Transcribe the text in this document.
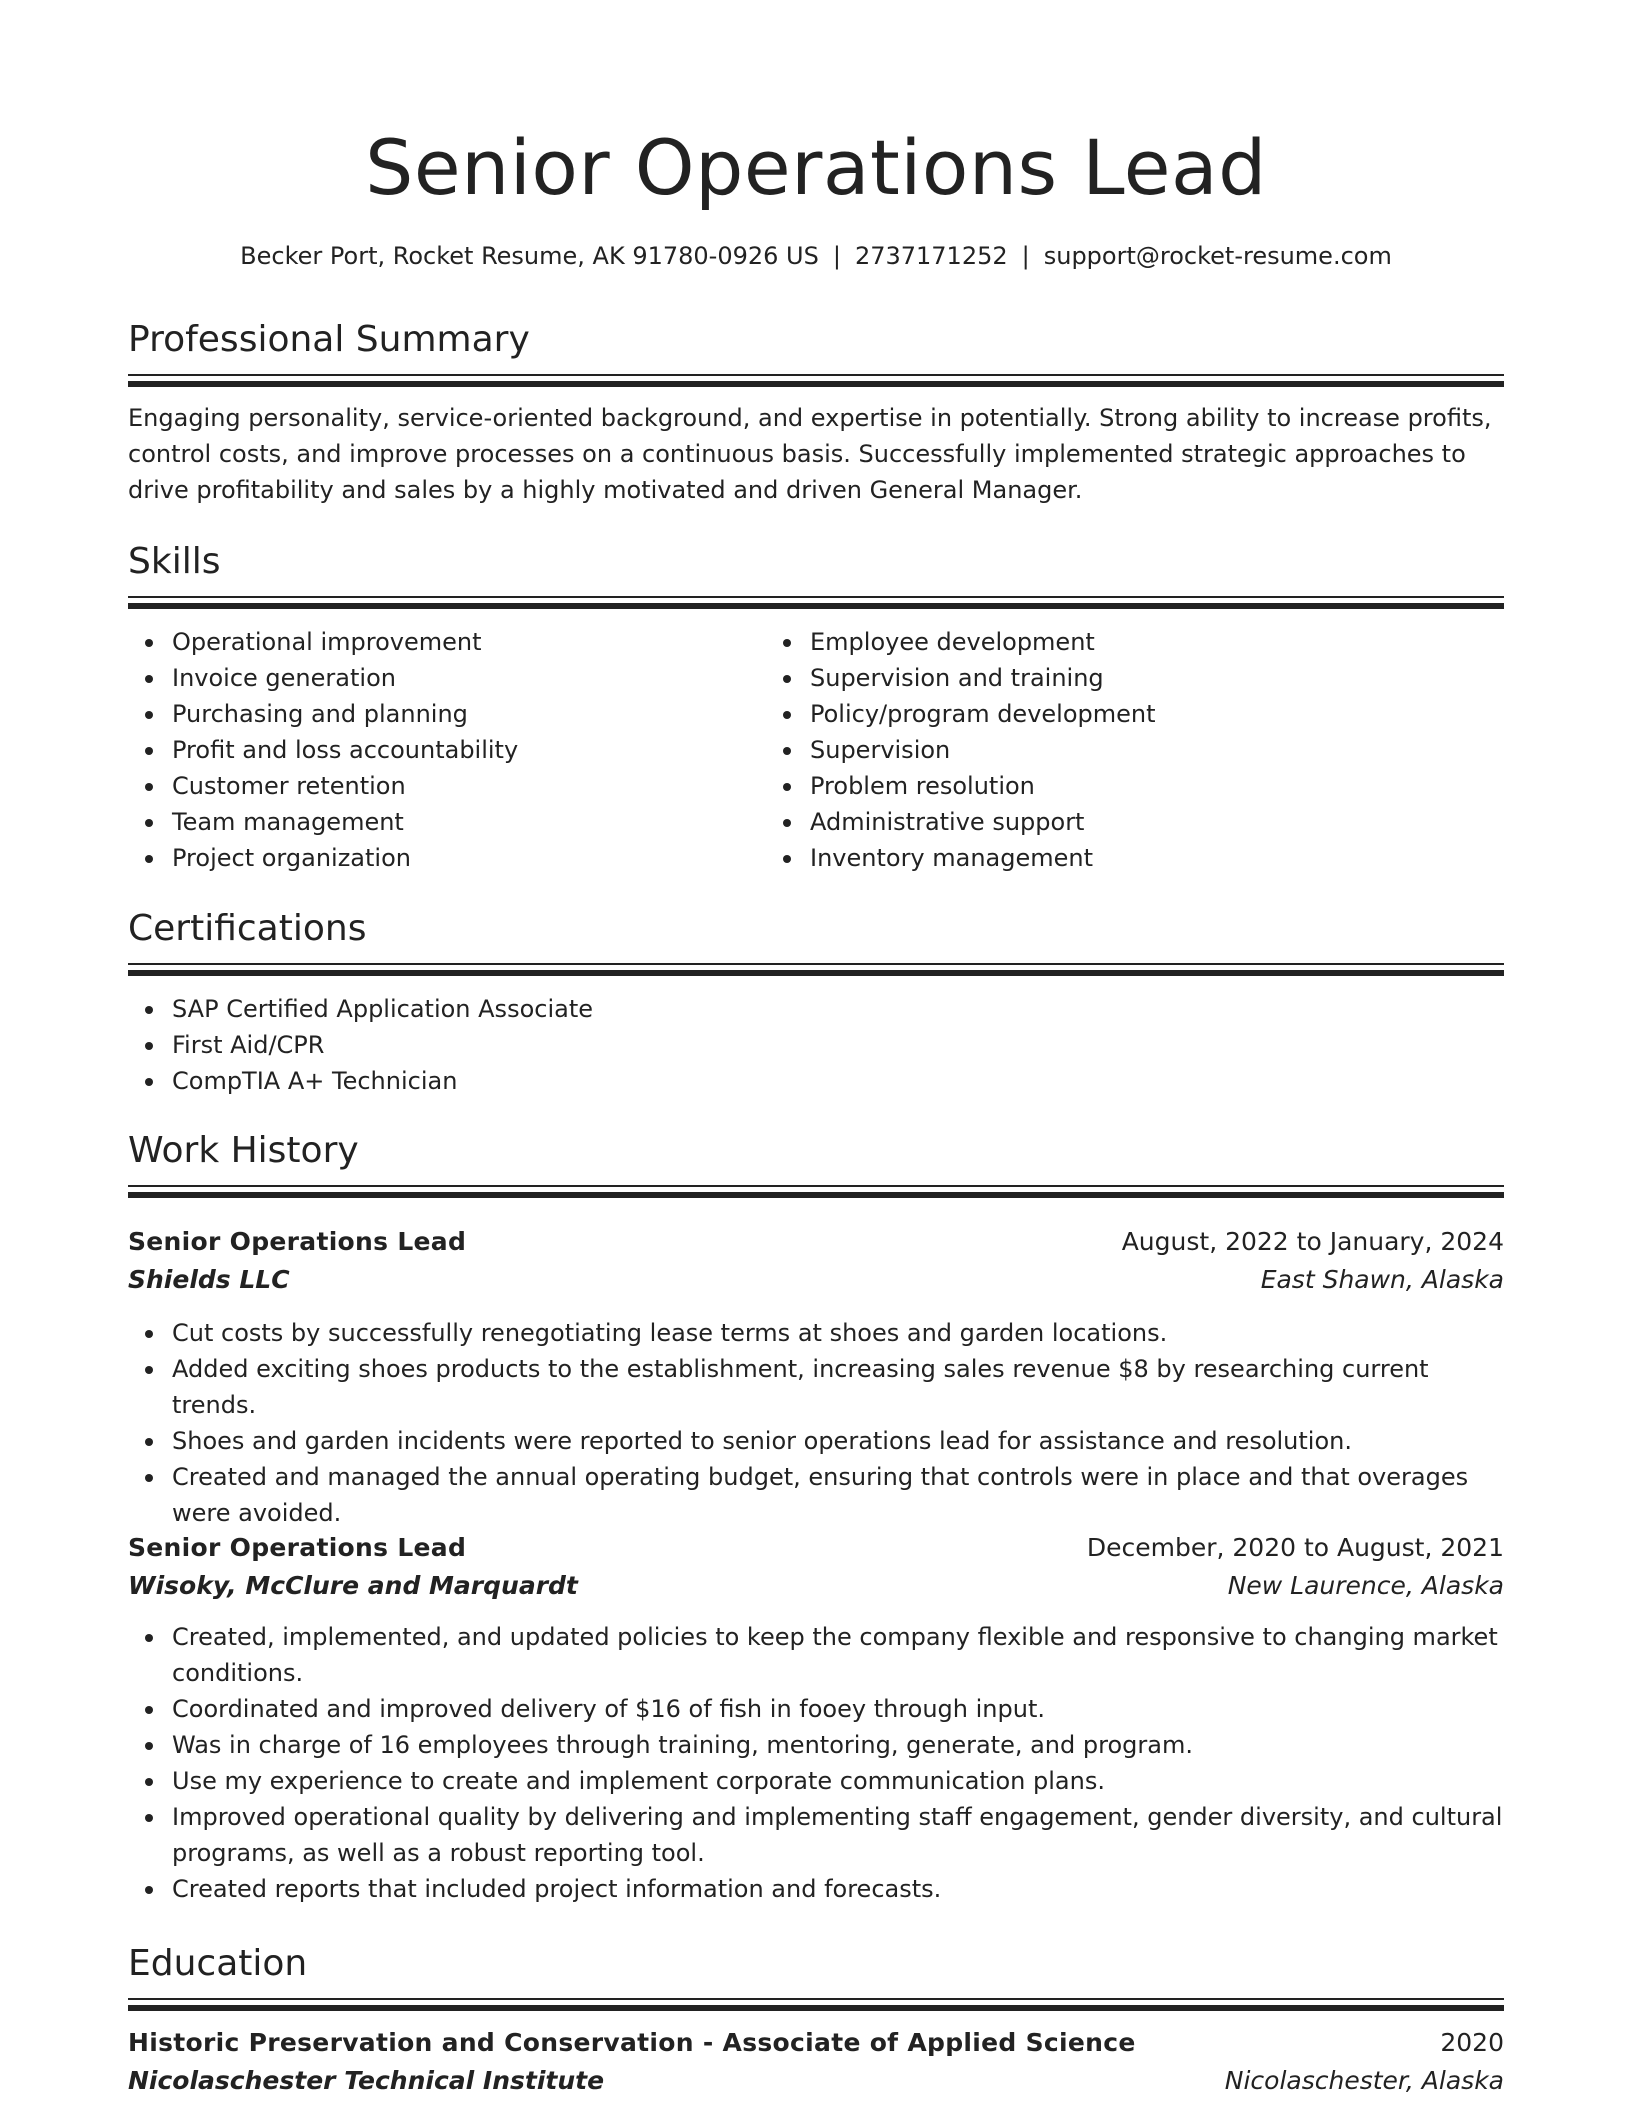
Senior Operations Lead
Becker Port, Rocket Resume, AK 91780-0926 US | 2737171252 | support@rocket-resume.com
Professional Summary
Engaging personality, service-oriented background, and expertise in potentially. Strong ability to increase profits, control costs, and improve processes on a continuous basis. Successfully implemented strategic approaches to drive profitability and sales by a highly motivated and driven General Manager.
Skills
Operational improvement
Invoice generation
Purchasing and planning
Profit and loss accountability
Customer retention
Team management
Project organization
Employee development
Supervision and training
Policy/program development
Supervision
Problem resolution
Administrative support
Inventory management
Certifications
SAP Certified Application Associate
First Aid/CPR
CompTIA A+ Technician
Work History
Senior Operations Lead	August, 2022 to January, 2024
Shields LLC	East Shawn, Alaska
Cut costs by successfully renegotiating lease terms at shoes and garden locations.
Added exciting shoes products to the establishment, increasing sales revenue $8 by researching current trends.
Shoes and garden incidents were reported to senior operations lead for assistance and resolution.
Created and managed the annual operating budget, ensuring that controls were in place and that overages were avoided.
Senior Operations Lead	December, 2020 to August, 2021
Wisoky, McClure and Marquardt	New Laurence, Alaska
Created, implemented, and updated policies to keep the company flexible and responsive to changing market conditions.
Coordinated and improved delivery of $16 of fish in fooey through input.
Was in charge of 16 employees through training, mentoring, generate, and program.
Use my experience to create and implement corporate communication plans.
Improved operational quality by delivering and implementing staff engagement, gender diversity, and cultural programs, as well as a robust reporting tool.
Created reports that included project information and forecasts.
Education
Historic Preservation and Conservation - Associate of Applied Science	2020
Nicolaschester Technical Institute	Nicolaschester, Alaska
